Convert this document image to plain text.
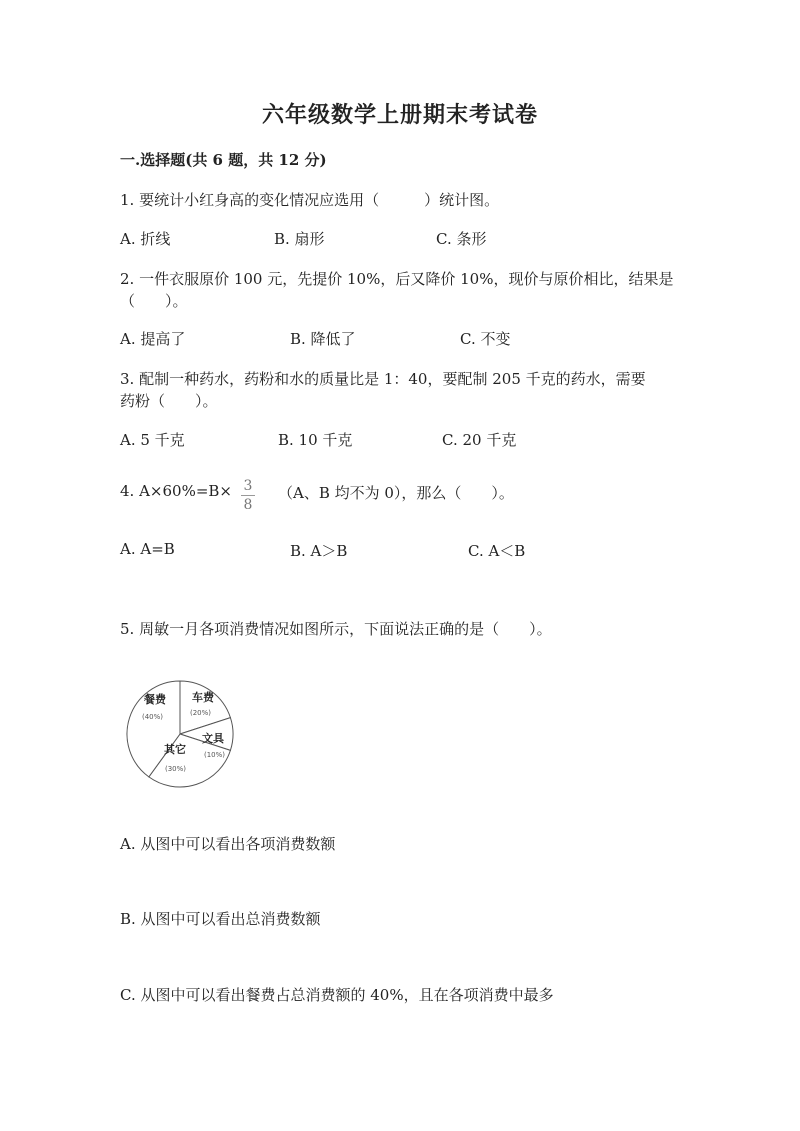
六年级数学上册期末考试卷
一.选择题(共 6 题，共 12 分)
1. 要统计小红身高的变化情况应选用（　　　）统计图。
A. 折线	B. 扇形	C. 条形
2. 一件衣服原价 100 元，先提价 10%，后又降价 10%，现价与原价相比，结果是
（　　）。
A. 提高了	B. 降低了	C. 不变
3. 配制一种药水，药粉和水的质量比是 1：40，要配制 205 千克的药水，需要
药粉（　　）。
A. 5 千克	B. 10 千克	C. 20 千克
4. A×60%=B× 3
8
（A、B 均不为 0），那么（　　）。
A. A=B	B. A＞B	C. A＜B
5. 周敏一月各项消费情况如图所示，下面说法正确的是（　　）。
车费
(20%)
文具
(10%)
其它
(30%)
餐费
(40%)
A. 从图中可以看出各项消费数额
B. 从图中可以看出总消费数额
C. 从图中可以看出餐费占总消费额的 40%，且在各项消费中最多
